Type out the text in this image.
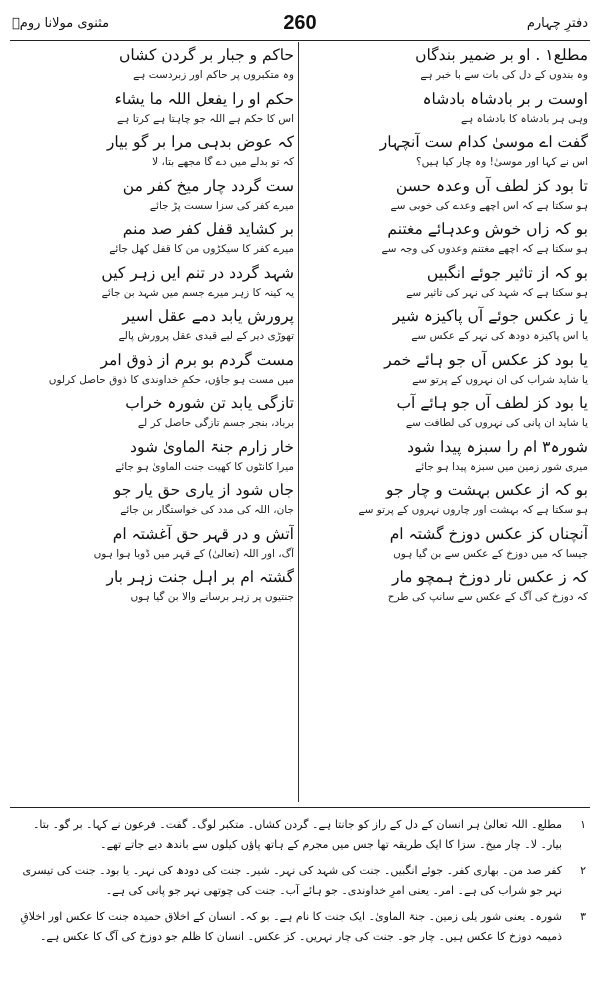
دفترِ چہارم
260
مثنوی مولانا رومؒ
مطلع۱ . او بر ضمیر بندگاں
وہ بندوں کے دل کی بات سے با خبر ہے
اوست ر بر بادشاہ بادشاہ
وہی ہر بادشاہ کا بادشاہ ہے
گفت اے موسیٰ کدام ست آنچہار
اس نے کہا اور موسیٰ! وہ چار کیا ہیں؟
تا بود کز لطف آں وعدہ حسن
ہو سکتا ہے کہ اس اچھے وعدے کی خوبی سے
بو کہ زاں خوش وعدہائے مغتنم
ہو سکتا ہے کہ اچھے مغتنم وعدوں کی وجہ سے
بو کہ از تاثیر جوئے انگبیں
ہو سکتا ہے کہ شہد کی نہر کی تاثیر سے
یا ز عکس جوئے آں پاکیزہ شیر
یا اس پاکیزہ دودھ کی نہر کے عکس سے
یا بود کز عکس آں جو ہائے خمر
یا شاید شراب کی ان نہروں کے پرتو سے
یا بود کز لطف آں جو ہائے آب
یا شاید ان پانی کی نہروں کی لطافت سے
شورہ۳ ام را سبزہ پیدا شود
میری شور زمین میں سبزہ پیدا ہو جائے
بو کہ از عکس بہشت و چار جو
ہو سکتا ہے کہ بہشت اور چاروں نہروں کے پرتو سے
آنچناں کز عکس دوزخ گشتہ ام
جیسا کہ میں دوزخ کے عکس سے بن گیا ہوں
کہ ز عکس نار دوزخ ہمچو مار
کہ دوزخ کی آگ کے عکس سے سانپ کی طرح
حاکم و جبار بر گردن کشاں
وہ متکبروں پر حاکم اور زبردست ہے
حکم او را یفعل اللہ ما یشاء
اس کا حکم ہے اللہ جو چاہتا ہے کرتا ہے
کہ عوض بدہی مرا بر گو بیار
کہ تو بدلے میں دے گا مجھے بتا، لا
ست گردد چار میخ کفر من
میرے کفر کی سزا سست پڑ جائے
بر کشاید قفل کفر صد منم
میرے کفر کا سیکڑوں من کا قفل کھل جائے
شہد گردد در تنم ایں زہر کیں
یہ کینہ کا زہر میرے جسم میں شہد بن جائے
پرورش یابد دمے عقل اسیر
تھوڑی دیر کے لیے قیدی عقل پرورش پالے
مست گردم بو برم از ذوق امر
میں مست ہو جاؤں، حکمِ خداوندی کا ذوق حاصل کرلوں
تازگی یابد تن شورہ خراب
برباد، بنجر جسم تازگی حاصل کر لے
خار زارم جنۃ الماویٰ شود
میرا کانٹوں کا کھیت جنت الماویٰ ہو جائے
جاں شود از یاری حق یار جو
جان، اللہ کی مدد کی خواستگار بن جائے
آتش و در قہر حق آغشتہ ام
آگ، اور اللہ (تعالیٰ) کے قہر میں ڈوبا ہوا ہوں
گشتہ ام بر اہل جنت زہر بار
جنتیوں پر زہر برسانے والا بن گیا ہوں
۱
مطلع۔ اللہ تعالیٰ ہر انسان کے دل کے راز کو جانتا ہے۔ گردن کشاں۔ متکبر لوگ۔ گفت۔ فرعون نے کہا۔ بر گو۔ بتا۔ بیار۔ لا۔ چار میخ۔ سزا کا ایک طریقہ تھا جس میں مجرم کے ہاتھ پاؤں کیلوں سے باندھ دیے جاتے تھے۔
۲
کفر صد من۔ بھاری کفر۔ جوئے انگبیں۔ جنت کی شہد کی نہر۔ شیر۔ جنت کی دودھ کی نہر۔ یا بود۔ جنت کی تیسری نہر جو شراب کی ہے۔ امر۔ یعنی امرِ خداوندی۔ جو ہائے آب۔ جنت کی چوتھی نہر جو پانی کی ہے۔
۳
شورہ۔ یعنی شور یلی زمین۔ جنۃ الماویٰ۔ ایک جنت کا نام ہے۔ بو کہ۔ انسان کے اخلاق حمیدہ جنت کا عکس اور اخلاقِ ذمیمہ دوزخ کا عکس ہیں۔ چار جو۔ جنت کی چار نہریں۔ کز عکس۔ انسان کا ظلم جو دوزخ کی آگ کا عکس ہے۔
